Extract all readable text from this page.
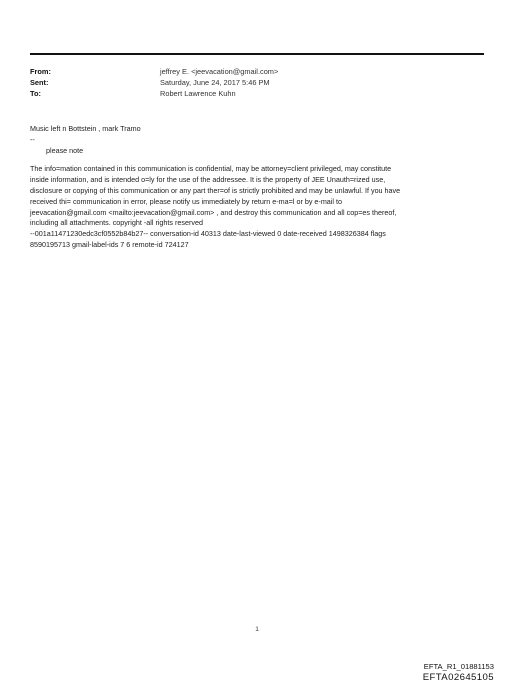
From:	jeffrey E. <jeevacation@gmail.com>
Sent:	Saturday, June 24, 2017 5:46 PM
To:	Robert Lawrence Kuhn

Music left n Bottstein , mark Tramo

--

please note

The info=mation contained in this communication is confidential, may be attorney=client privileged, may constitute
inside information, and is intended o=ly for the use of the addressee. It is the property of JEE Unauth=rized use,
disclosure or copying of this communication or any part ther=of is strictly prohibited and may be unlawful. If you have
received thi= communication in error, please notify us immediately by return e-ma=l or by e-mail to
jeevacation@gmail.com <mailto:jeevacation@gmail.com> , and destroy this communication and all cop=es thereof,
including all attachments. copyright -all rights reserved
--001a11471230edc3cf0552b84b27-- conversation-id 40313 date-last-viewed 0 date-received 1498326384 flags
8590195713 gmail-label-ids 7 6 remote-id 724127
1
EFTA_R1_01881153
EFTA02645105
